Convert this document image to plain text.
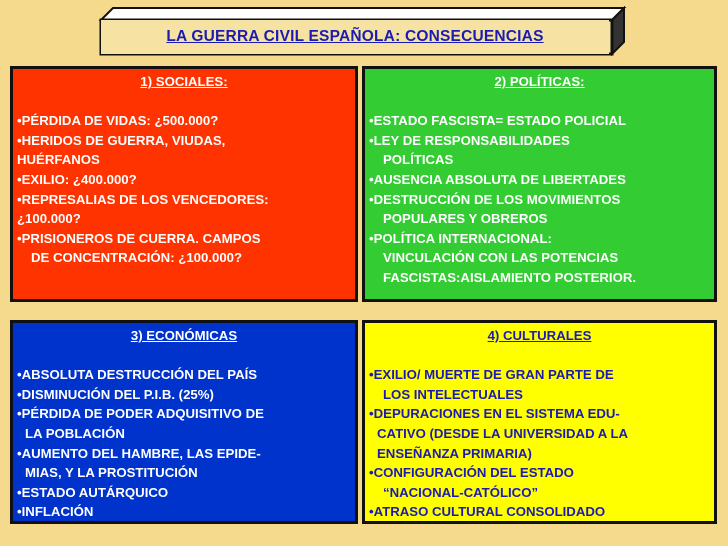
LA GUERRA CIVIL ESPAÑOLA: CONSECUENCIAS
1) SOCIALES:
•PÉRDIDA DE VIDAS: ¿500.000?
•HERIDOS DE GUERRA, VIUDAS,
HUÉRFANOS
•EXILIO: ¿400.000?
•REPRESALIAS DE LOS VENCEDORES:
¿100.000?
•PRISIONEROS DE CUERRA. CAMPOS
DE CONCENTRACIÓN: ¿100.000?
2) POLÍTICAS:
•ESTADO FASCISTA= ESTADO POLICIAL
•LEY DE RESPONSABILIDADES
POLÍTICAS
•AUSENCIA ABSOLUTA DE LIBERTADES
•DESTRUCCIÓN DE LOS MOVIMIENTOS
POPULARES Y OBREROS
•POLÍTICA INTERNACIONAL:
VINCULACIÓN CON LAS POTENCIAS
FASCISTAS:AISLAMIENTO POSTERIOR.
3) ECONÓMICAS
•ABSOLUTA DESTRUCCIÓN DEL PAÍS
•DISMINUCIÓN DEL P.I.B. (25%)
•PÉRDIDA DE PODER ADQUISITIVO DE
LA POBLACIÓN
•AUMENTO DEL HAMBRE, LAS EPIDE-
MIAS, Y LA PROSTITUCIÓN
•ESTADO AUTÁRQUICO
•INFLACIÓN
4) CULTURALES
•EXILIO/ MUERTE DE GRAN PARTE DE
LOS INTELECTUALES
•DEPURACIONES EN EL SISTEMA EDU-
CATIVO (DESDE LA UNIVERSIDAD A LA
ENSEÑANZA PRIMARIA)
•CONFIGURACIÓN DEL ESTADO
“NACIONAL-CATÓLICO”
•ATRASO CULTURAL CONSOLIDADO
